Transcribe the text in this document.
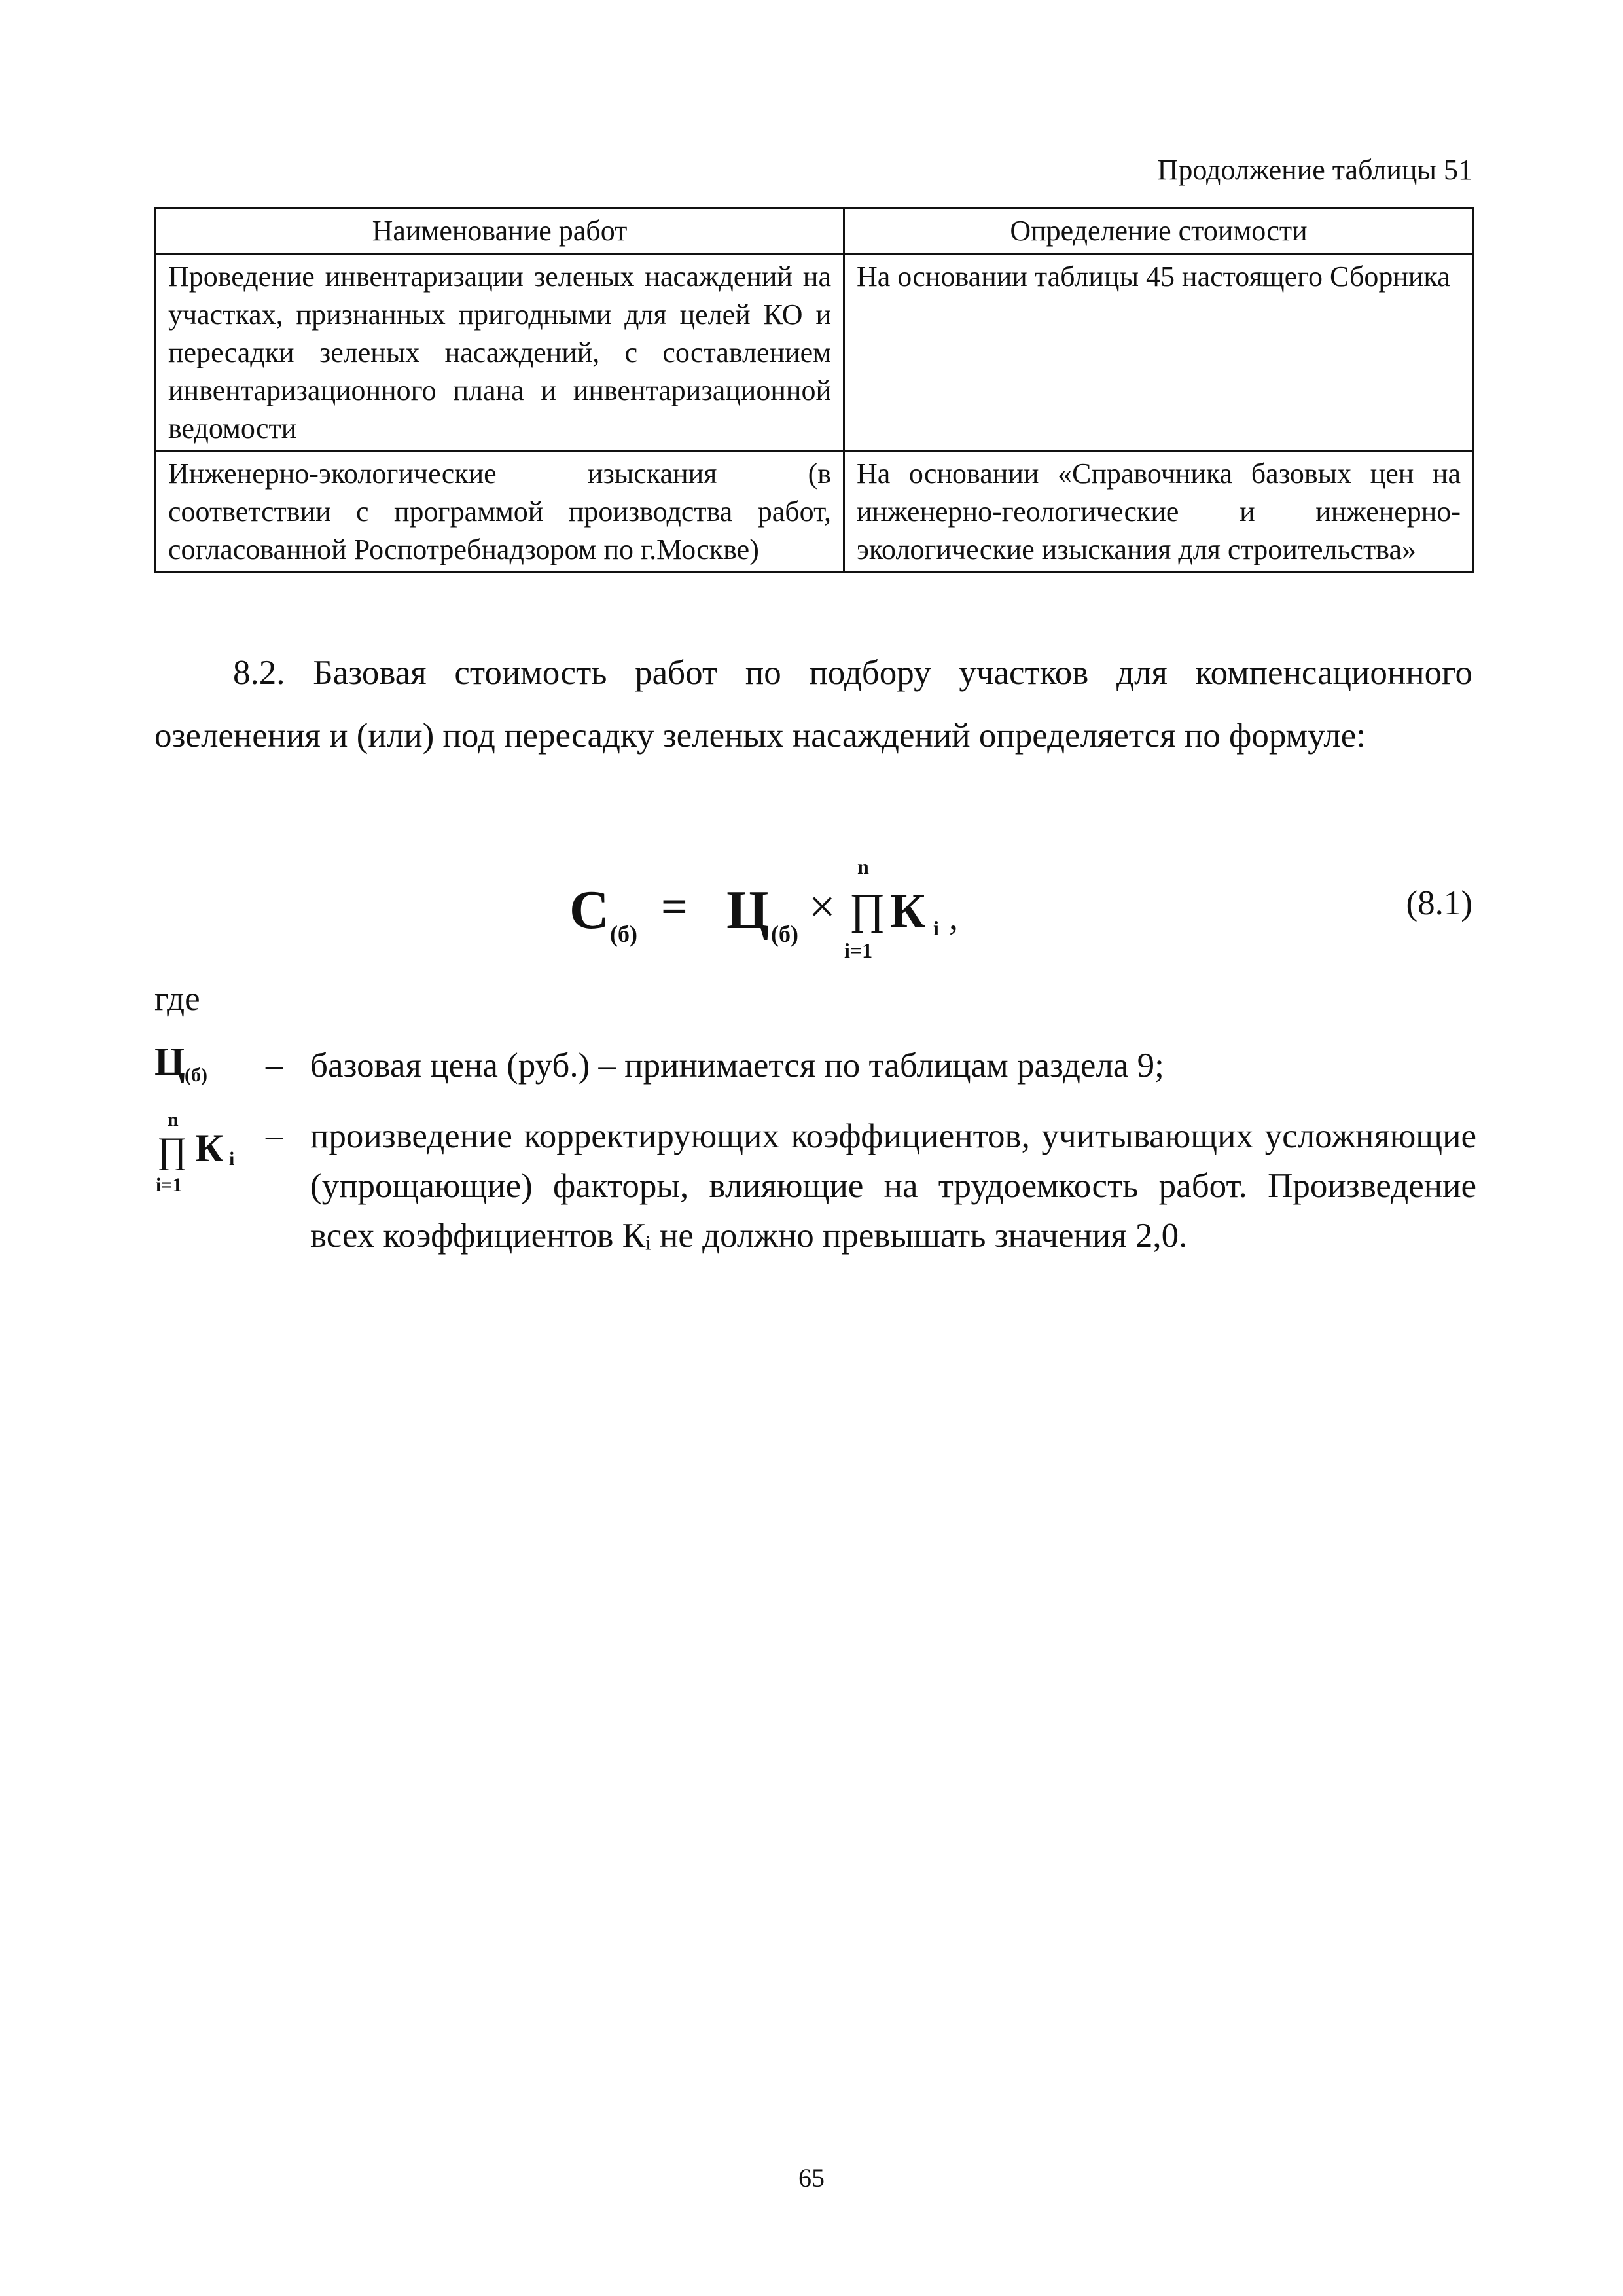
Продолжение таблицы 51
Наименование работ	Определение стоимости
Проведение инвентаризации зеленых насаждений на участках, признанных пригодными для целей КО и пересадки зеленых насаждений, с составлением инвентаризационного плана и инвентаризационной ведомости	На основании таблицы 45 настоящего Сборника
Инженерно-экологические изыскания (в соответствии с программой производства работ, согласованной Роспотребнадзором по г.Москве)	На основании «Справочника базовых цен на инженерно-геологические и инженерно-экологические изыскания для строительства»
8.2. Базовая стоимость работ по подбору участков для компенсационного озеленения и (или) под пересадку зеленых насаждений определяется по формуле:
С (б)
= Ц (б)
×
n
∏
i=1
К i ,	(8.1)
где
Ц (б) – базовая цена (руб.) – принимается по таблицам раздела 9;
n
∏
i=1
К i
– произведение корректирующих коэффициентов, учитывающих усложняющие (упрощающие) факторы, влияющие на трудоемкость работ. Произведение всех коэффициентов Кᵢ не должно превышать значения 2,0.
65
